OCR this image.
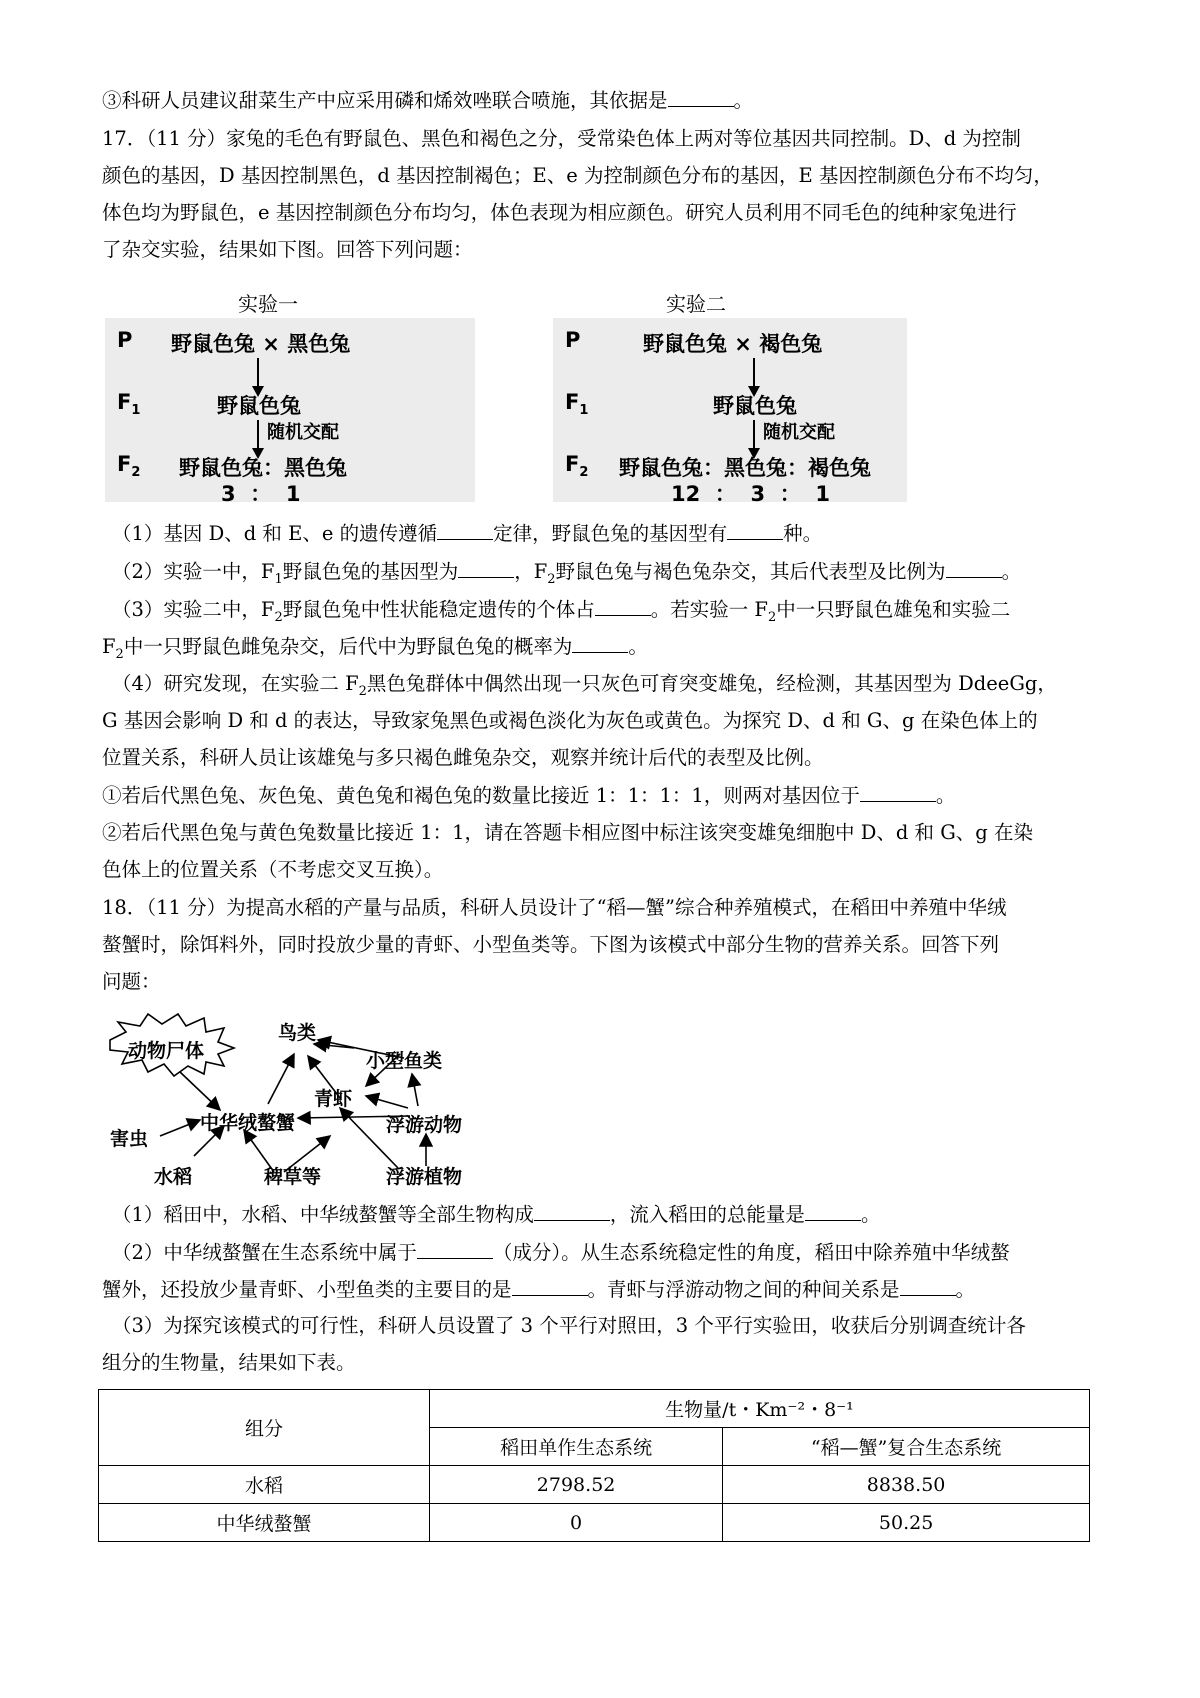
③科研人员建议甜菜生产中应采用磷和烯效唑联合喷施，其依据是	。

17．（11 分）家兔的毛色有野鼠色、黑色和褐色之分，受常染色体上两对等位基因共同控制。D、d 为控制

颜色的基因，D 基因控制黑色，d 基因控制褐色；E、e 为控制颜色分布的基因，E 基因控制颜色分布不均匀，

体色均为野鼠色，e 基因控制颜色分布均匀，体色表现为相应颜色。研究人员利用不同毛色的纯种家兔进行

了杂交实验，结果如下图。回答下列问题：

实验一	实验二
P 野鼠色兔 × 黑色兔
$F_1$	野鼠色兔
随机交配
$F_2$ 野鼠色兔：黑色兔
3  ：  1
P	野鼠色兔 × 褐色兔
$F_1$	野鼠色兔
随机交配
$F_2$ 野鼠色兔：黑色兔：褐色兔
12  ：  3  ：  1

（1）基因 D、d 和 E、e 的遗传遵循	定律，野鼠色兔的基因型有	种。

（2）实验一中，$F_1$野鼠色兔的基因型为	，$F_2$野鼠色兔与褐色兔杂交，其后代表型及比例为	。

（3）实验二中，$F_2$野鼠色兔中性状能稳定遗传的个体占	。若实验一 $F_2$中一只野鼠色雄兔和实验二

$F_2$中一只野鼠色雌兔杂交，后代中为野鼠色兔的概率为	。

（4）研究发现，在实验二 $F_2$黑色兔群体中偶然出现一只灰色可育突变雄兔，经检测，其基因型为 DdeeGg，

G 基因会影响 D 和 d 的表达，导致家兔黑色或褐色淡化为灰色或黄色。为探究 D、d 和 G、g 在染色体上的

位置关系，科研人员让该雄兔与多只褐色雌兔杂交，观察并统计后代的表型及比例。

①若后代黑色兔、灰色兔、黄色兔和褐色兔的数量比接近 1：1：1：1，则两对基因位于	。

②若后代黑色兔与黄色兔数量比接近 1：1，请在答题卡相应图中标注该突变雄兔细胞中 D、d 和 G、g 在染

色体上的位置关系（不考虑交叉互换）。

18．（11 分）为提高水稻的产量与品质，科研人员设计了“稻—蟹”综合种养殖模式，在稻田中养殖中华绒

螯蟹时，除饵料外，同时投放少量的青虾、小型鱼类等。下图为该模式中部分生物的营养关系。回答下列

问题：

动物尸体
鸟类
小型鱼类
青虾
中华绒螯蟹
害虫
浮游动物
水稻	稗草等	浮游植物

（1）稻田中，水稻、中华绒螯蟹等全部生物构成	，流入稻田的总能量是	。

（2）中华绒螯蟹在生态系统中属于	（成分）。从生态系统稳定性的角度，稻田中除养殖中华绒螯

蟹外，还投放少量青虾、小型鱼类的主要目的是	。青虾与浮游动物之间的种间关系是	。

（3）为探究该模式的可行性，科研人员设置了 3 个平行对照田，3 个平行实验田，收获后分别调查统计各

组分的生物量，结果如下表。

组分	生物量/t・Km⁻²・8⁻¹	
	稻田单作生态系统	“稻—蟹”复合生态系统
水稻	2798.52	8838.50
中华绒螯蟹	0	50.25
